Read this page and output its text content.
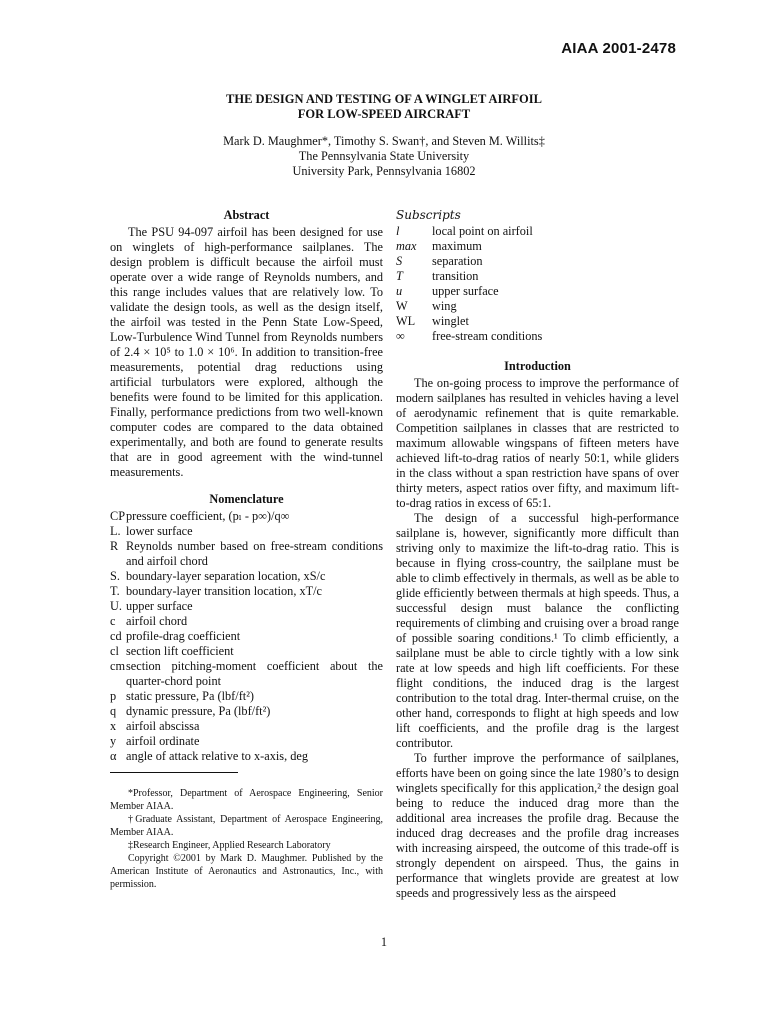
AIAA 2001-2478
THE DESIGN AND TESTING OF A WINGLET AIRFOIL
FOR LOW-SPEED AIRCRAFT
Mark D. Maughmer*, Timothy S. Swan†, and Steven M. Willits‡
The Pennsylvania State University
University Park, Pennsylvania 16802
Abstract

The PSU 94-097 airfoil has been designed for use on winglets of high-performance sailplanes. The design problem is difficult because the airfoil must operate over a wide range of Reynolds numbers, and this range includes values that are relatively low. To validate the design tools, as well as the design itself, the airfoil was tested in the Penn State Low-Speed, Low-Turbulence Wind Tunnel from Reynolds numbers of 2.4 × 10⁵ to 1.0 × 10⁶. In addition to transition-free measurements, potential drag reductions using artificial turbulators were explored, although the benefits were found to be limited for this application. Finally, performance predictions from two well-known computer codes are compared to the data obtained experimentally, and both are found to generate results that are in good agreement with the wind-tunnel measurements.

Nomenclature
CP pressure coefficient, (pₗ - p∞)/q∞
L. lower surface
R Reynolds number based on free-stream conditions and airfoil chord
S. boundary-layer separation location, xS/c
T. boundary-layer transition location, xT/c
U. upper surface
c airfoil chord
cd profile-drag coefficient
cl section lift coefficient
cm section pitching-moment coefficient about the quarter-chord point
p static pressure, Pa (lbf/ft²)
q dynamic pressure, Pa (lbf/ft²)
x airfoil abscissa
y airfoil ordinate
α angle of attack relative to x-axis, deg

*Professor, Department of Aerospace Engineering, Senior Member AIAA.

†Graduate Assistant, Department of Aerospace Engineering, Member AIAA.

‡Research Engineer, Applied Research Laboratory

Copyright ©2001 by Mark D. Maughmer. Published by the American Institute of Aeronautics and Astronautics, Inc., with permission.

Subscripts
l	local point on airfoil
max	maximum
S	separation
T	transition
u	upper surface
W	wing
WL	winglet
∞	free-stream conditions
Introduction

The on-going process to improve the performance of modern sailplanes has resulted in vehicles having a level of aerodynamic refinement that is quite remarkable. Competition sailplanes in classes that are restricted to maximum allowable wingspans of fifteen meters have achieved lift-to-drag ratios of nearly 50:1, while gliders in the class without a span restriction have spans of over thirty meters, aspect ratios over fifty, and maximum lift-to-drag ratios in excess of 65:1.

The design of a successful high-performance sailplane is, however, significantly more difficult than striving only to maximize the lift-to-drag ratio. This is because in flying cross-country, the sailplane must be able to climb effectively in thermals, as well as be able to glide efficiently between thermals at high speeds. Thus, a successful design must balance the conflicting requirements of climbing and cruising over a broad range of possible soaring conditions.¹ To climb efficiently, a sailplane must be able to circle tightly with a low sink rate at low speeds and high lift coefficients. For these flight conditions, the induced drag is the largest contribution to the total drag. Inter-thermal cruise, on the other hand, corresponds to flight at high speeds and low lift coefficients, and the profile drag is the largest contributor.

To further improve the performance of sailplanes, efforts have been on going since the late 1980’s to design winglets specifically for this application,² the design goal being to reduce the induced drag more than the additional area increases the profile drag. Because the induced drag decreases and the profile drag increases with increasing airspeed, the outcome of this trade-off is strongly dependent on airspeed. Thus, the gains in performance that winglets provide are greatest at low speeds and progressively less as the airspeed

1
